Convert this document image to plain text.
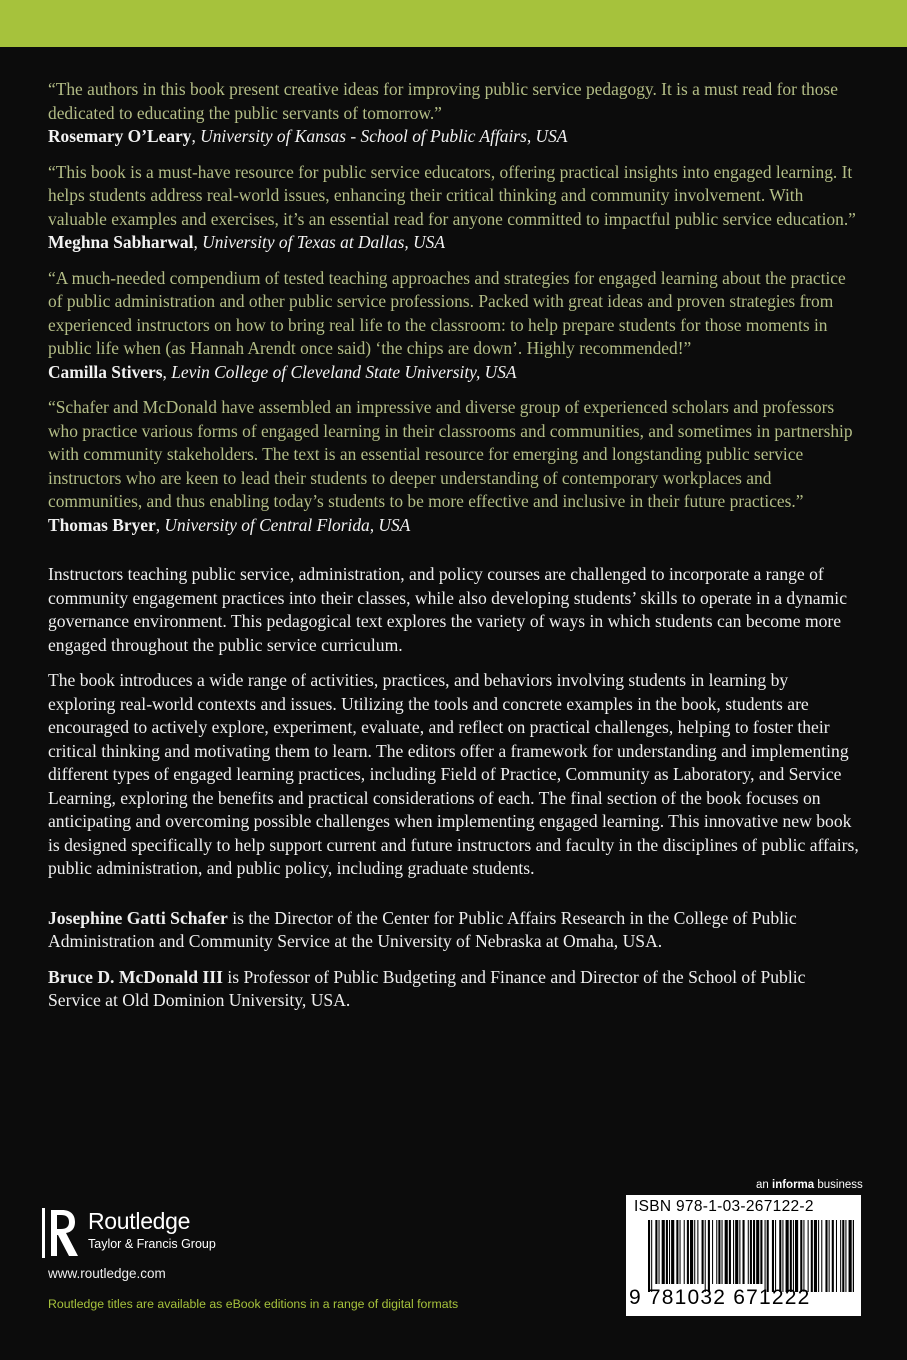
“The authors in this book present creative ideas for improving public service pedagogy. It is a must read for those dedicated to educating the public servants of tomorrow.”

Rosemary O’Leary, University of Kansas - School of Public Affairs, USA

“This book is a must-have resource for public service educators, offering practical insights into engaged learning. It helps students address real-world issues, enhancing their critical thinking and community involvement. With valuable examples and exercises, it’s an essential read for anyone committed to impactful public service education.”

Meghna Sabharwal, University of Texas at Dallas, USA

“A much-needed compendium of tested teaching approaches and strategies for engaged learning about the practice of public administration and other public service professions. Packed with great ideas and proven strategies from experienced instructors on how to bring real life to the classroom: to help prepare students for those moments in public life when (as Hannah Arendt once said) ‘the chips are down’. Highly recommended!”

Camilla Stivers, Levin College of Cleveland State University, USA

“Schafer and McDonald have assembled an impressive and diverse group of experienced scholars and professors who practice various forms of engaged learning in their classrooms and communities, and sometimes in partnership with community stakeholders. The text is an essential resource for emerging and longstanding public service instructors who are keen to lead their students to deeper understanding of contemporary workplaces and communities, and thus enabling today’s students to be more effective and inclusive in their future practices.”

Thomas Bryer, University of Central Florida, USA

Instructors teaching public service, administration, and policy courses are challenged to incorporate a range of community engagement practices into their classes, while also developing students’ skills to operate in a dynamic governance environment. This pedagogical text explores the variety of ways in which students can become more engaged throughout the public service curriculum.

The book introduces a wide range of activities, practices, and behaviors involving students in learning by exploring real-world contexts and issues. Utilizing the tools and concrete examples in the book, students are encouraged to actively explore, experiment, evaluate, and reflect on practical challenges, helping to foster their critical thinking and motivating them to learn. The editors offer a framework for understanding and implementing different types of engaged learning practices, including Field of Practice, Community as Laboratory, and Service Learning, exploring the benefits and practical considerations of each. The final section of the book focuses on anticipating and overcoming possible challenges when implementing engaged learning. This innovative new book is designed specifically to help support current and future instructors and faculty in the disciplines of public affairs, public administration, and public policy, including graduate students.

Josephine Gatti Schafer is the Director of the Center for Public Affairs Research in the College of Public Administration and Community Service at the University of Nebraska at Omaha, USA.

Bruce D. McDonald III is Professor of Public Budgeting and Finance and Director of the School of Public Service at Old Dominion University, USA.

Routledge
Taylor & Francis Group
www.routledge.com
Routledge titles are available as eBook editions in a range of digital formats
an informa business
ISBN 978-1-03-267122-2
9 781032 671222
